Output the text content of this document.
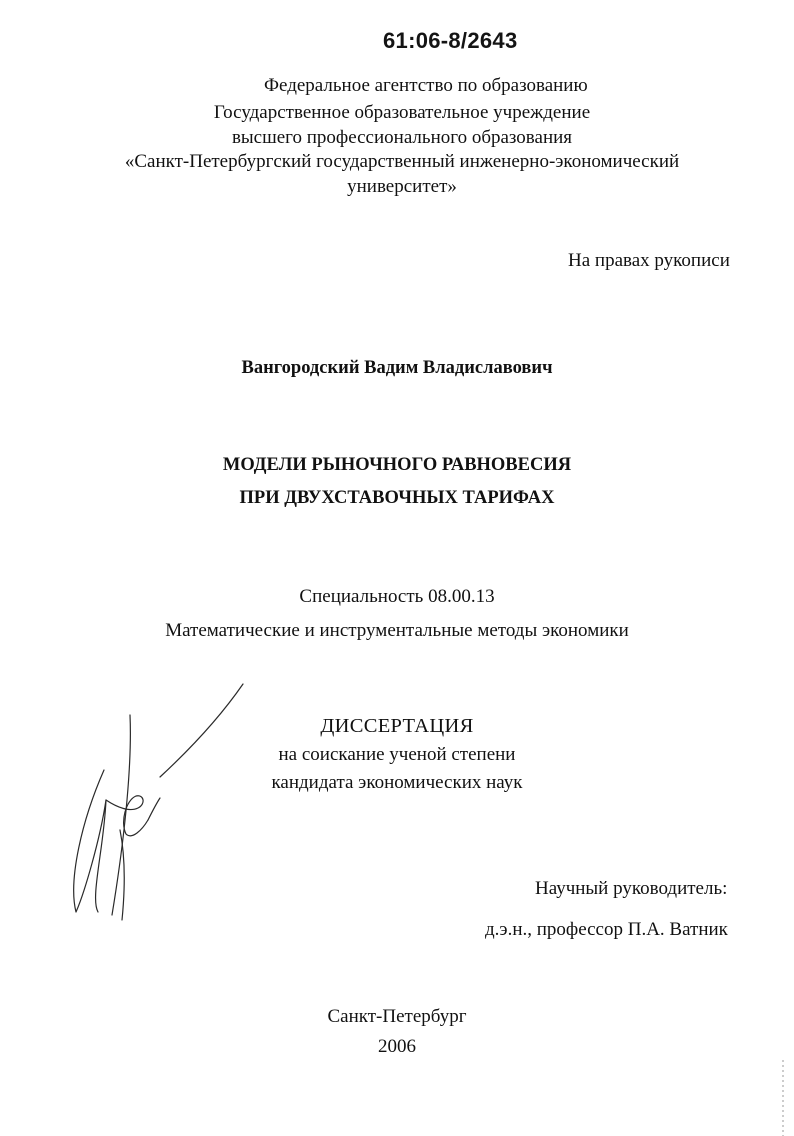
61:06-8/2643
Федеральное агентство по образованию
Государственное образовательное учреждение
высшего профессионального образования
«Санкт-Петербургский государственный инженерно-экономический
университет»
На правах рукописи
Вангородский Вадим Владиславович
МОДЕЛИ РЫНОЧНОГО РАВНОВЕСИЯ
ПРИ ДВУХСТАВОЧНЫХ ТАРИФАХ
Специальность 08.00.13
Математические и инструментальные методы экономики
ДИССЕРТАЦИЯ
на соискание ученой степени
кандидата экономических наук
Научный руководитель:
д.э.н., профессор П.А. Ватник
Санкт-Петербург
2006
